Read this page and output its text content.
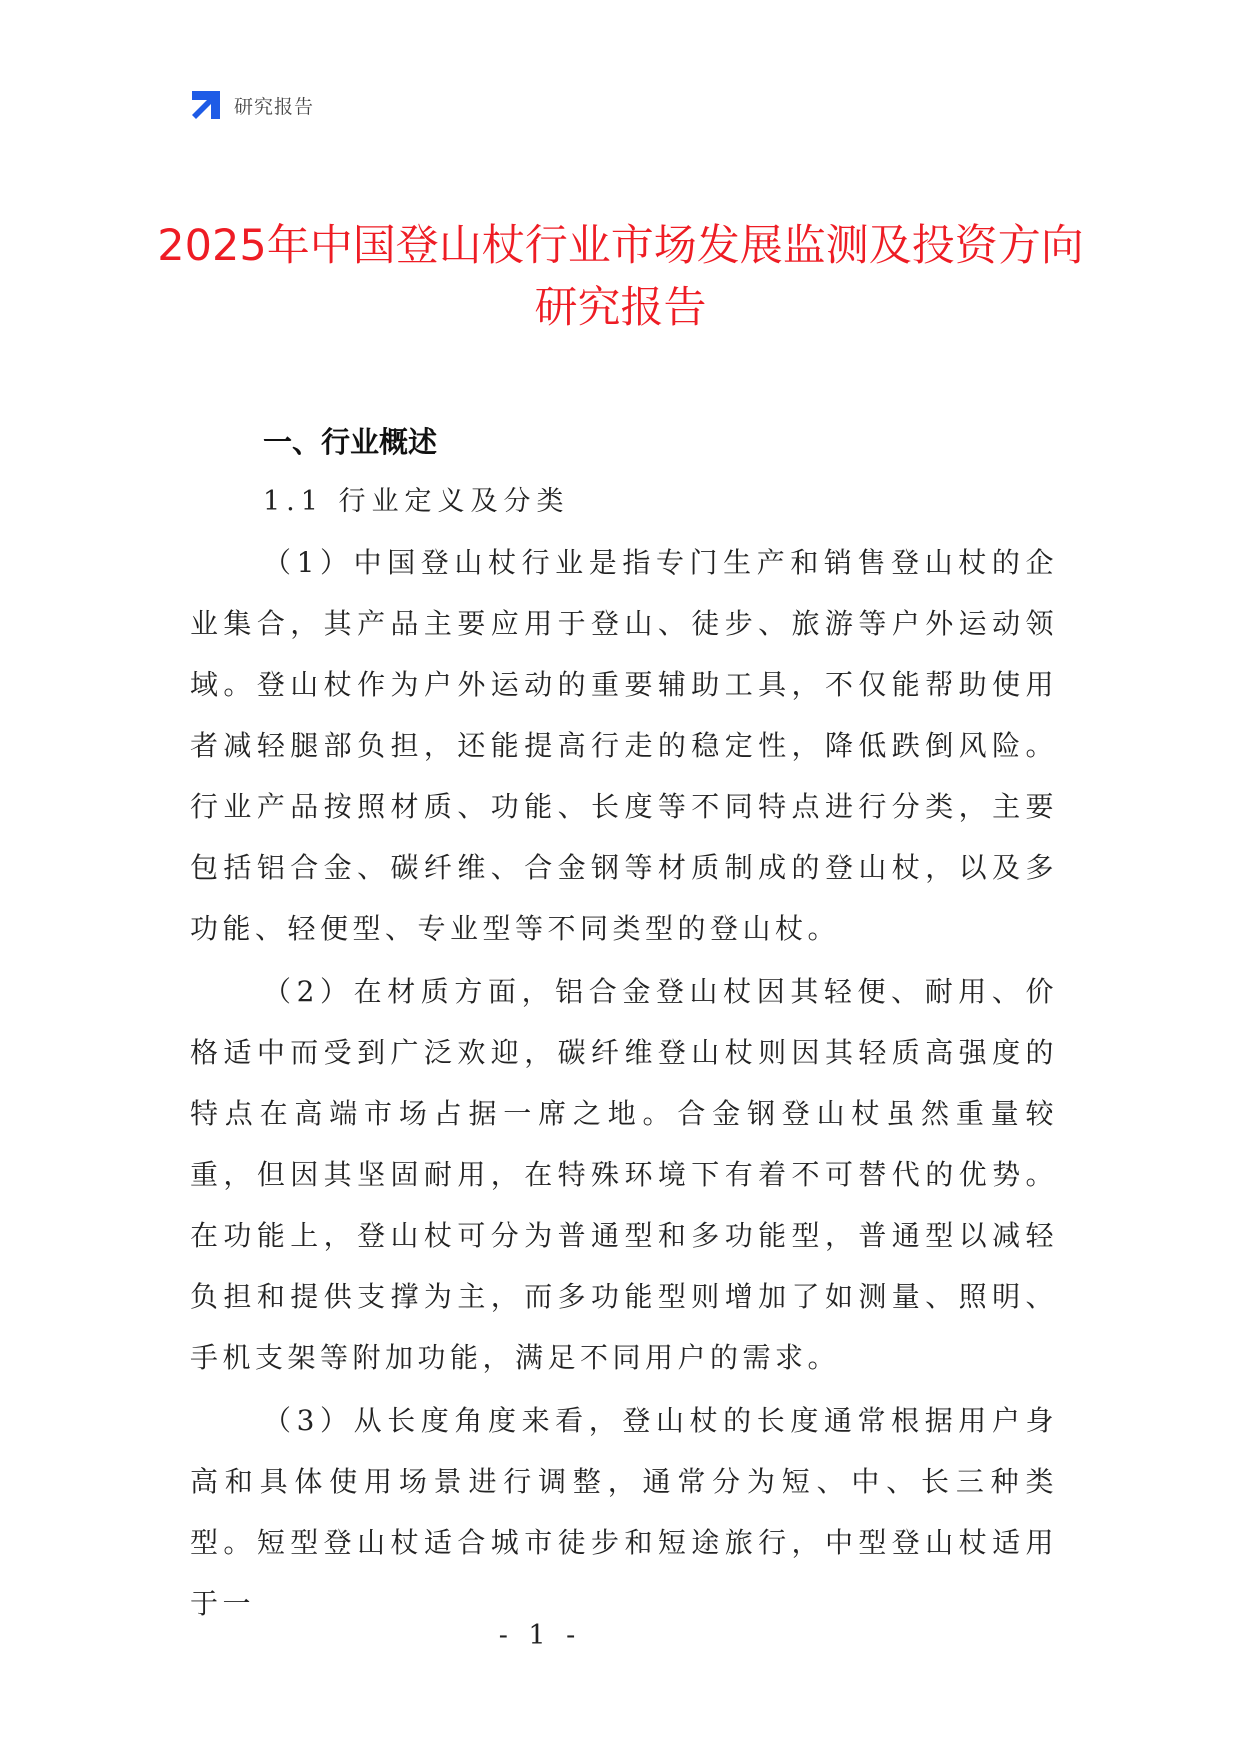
研究报告
2025年中国登山杖行业市场发展监测及投资方向研究报告

一、行业概述

1.1 行业定义及分类

（1）中国登山杖行业是指专门生产和销售登山杖的企业集合，其产品主要应用于登山、徒步、旅游等户外运动领域。登山杖作为户外运动的重要辅助工具，不仅能帮助使用者减轻腿部负担，还能提高行走的稳定性，降低跌倒风险。行业产品按照材质、功能、长度等不同特点进行分类，主要包括铝合金、碳纤维、合金钢等材质制成的登山杖，以及多功能、轻便型、专业型等不同类型的登山杖。

（2）在材质方面，铝合金登山杖因其轻便、耐用、价格适中而受到广泛欢迎，碳纤维登山杖则因其轻质高强度的特点在高端市场占据一席之地。合金钢登山杖虽然重量较重，但因其坚固耐用，在特殊环境下有着不可替代的优势。在功能上，登山杖可分为普通型和多功能型，普通型以减轻负担和提供支撑为主，而多功能型则增加了如测量、照明、手机支架等附加功能，满足不同用户的需求。

（3）从长度角度来看，登山杖的长度通常根据用户身高和具体使用场景进行调整，通常分为短、中、长三种类型。短型登山杖适合城市徒步和短途旅行，中型登山杖适用于一

- 1 -
